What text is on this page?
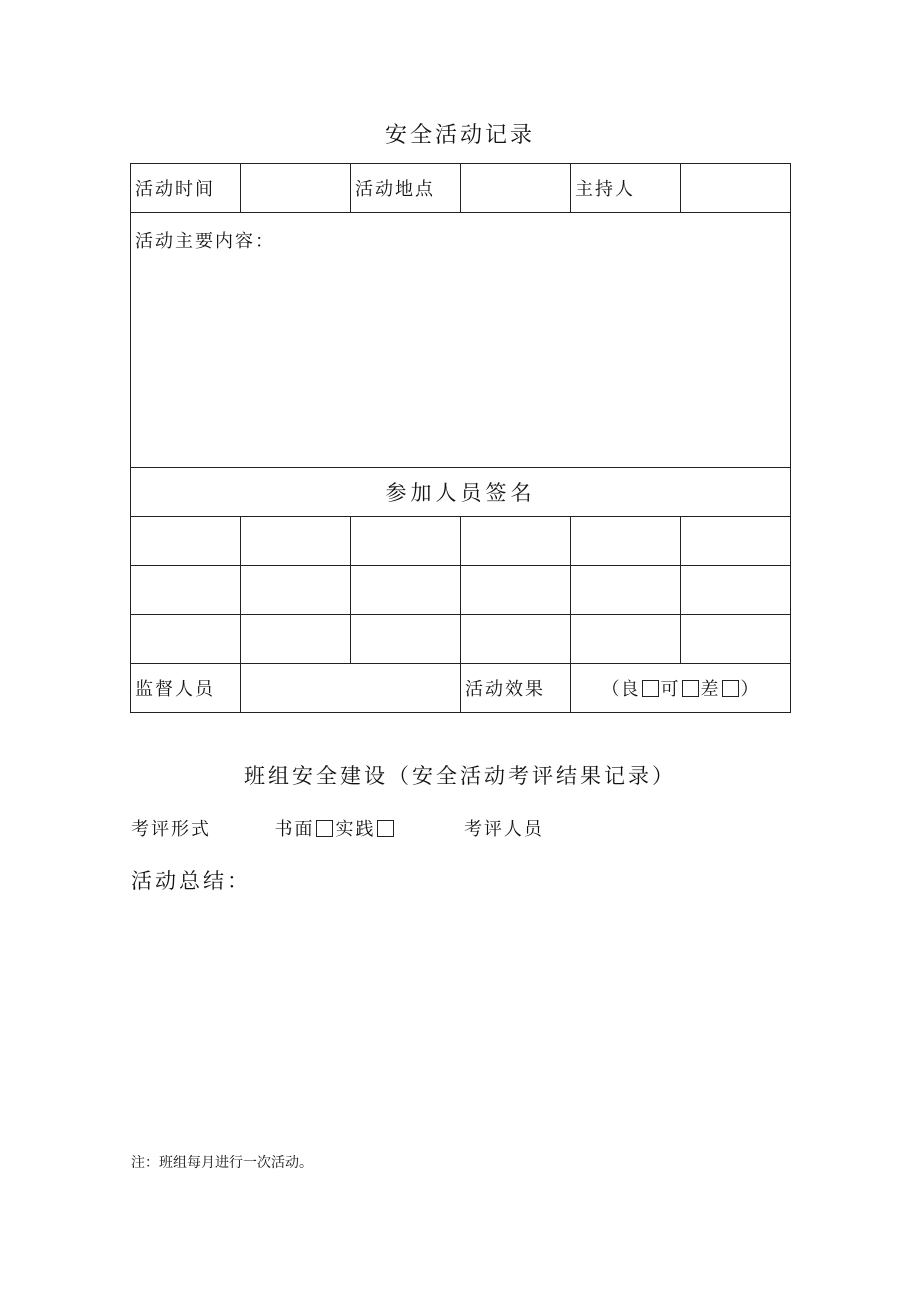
安全活动记录
活动时间		活动地点		主持人	
活动主要内容：					
参加人员签名					

监督人员			活动效果	（良 可 差 ）	
班组安全建设（安全活动考评结果记录）
考评形式	书面 实践	考评人员
活动总结：
注：班组每月进行一次活动。
